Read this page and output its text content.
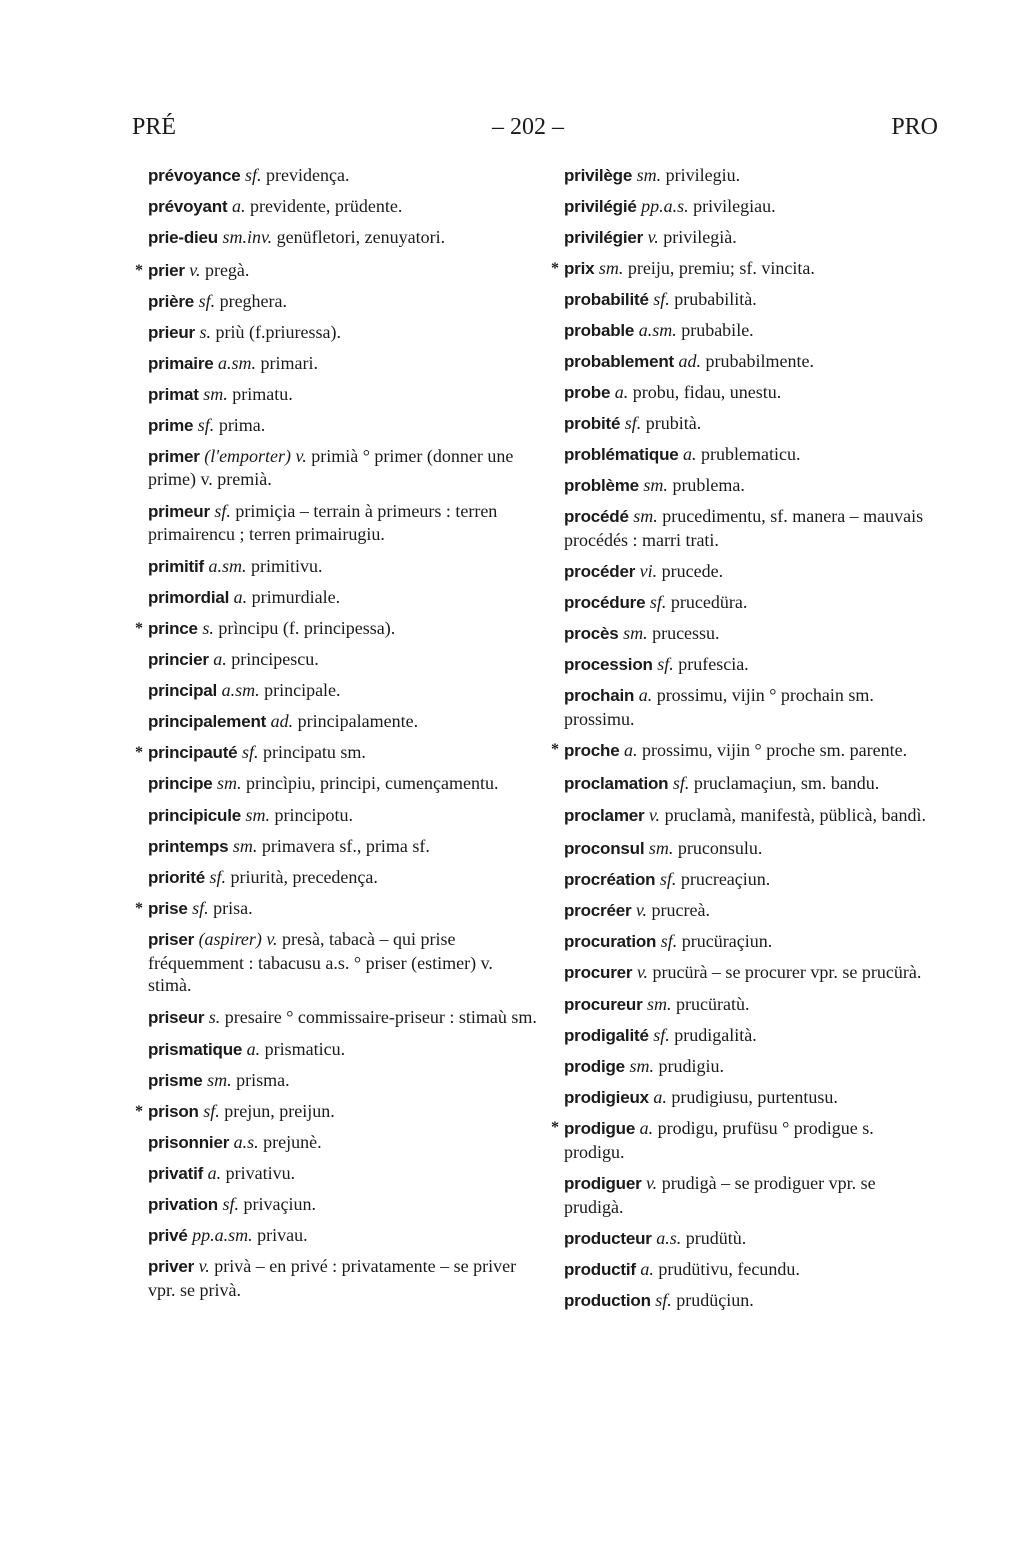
PRÉ	– 202 –	PRO

prévoyance sf. previdença.

prévoyant a. previdente, prüdente.

prie-dieu sm.inv. genüfletori, zenuyatori.

* prier v. pregà.

prière sf. preghera.

prieur s. priù (f.priuressa).

primaire a.sm. primari.

primat sm. primatu.

prime sf. prima.

primer (l'emporter) v. primià ° primer (donner une prime) v. premià.

primeur sf. primiçia – terrain à primeurs : terren primairencu ; terren primairugiu.

primitif a.sm. primitivu.

primordial a. primurdiale.

* prince s. prìncipu (f. principessa).

princier a. principescu.

principal a.sm. principale.

principalement ad. principalamente.

* principauté sf. principatu sm.

principe sm. princìpiu, principi, cumençamentu.

principicule sm. principotu.

printemps sm. primavera sf., prima sf.

priorité sf. priurità, precedença.

* prise sf. prisa.

priser (aspirer) v. presà, tabacà – qui prise fréquemment : tabacusu a.s. ° priser (estimer) v. stimà.

priseur s. presaire ° commissaire-priseur : stimaù sm.

prismatique a. prismaticu.

prisme sm. prisma.

* prison sf. prejun, preijun.

prisonnier a.s. prejunè.

privatif a. privativu.

privation sf. privaçiun.

privé pp.a.sm. privau.

priver v. privà – en privé : privatamente – se priver vpr. se privà.

privilège sm. privilegiu.

privilégié pp.a.s. privilegiau.

privilégier v. privilegià.

* prix sm. preiju, premiu; sf. vincita.

probabilité sf. prubabilità.

probable a.sm. prubabile.

probablement ad. prubabilmente.

probe a. probu, fidau, unestu.

probité sf. prubità.

problématique a. prublematicu.

problème sm. prublema.

procédé sm. prucedimentu, sf. manera – mauvais procédés : marri trati.

procéder vi. prucede.

procédure sf. prucedüra.

procès sm. prucessu.

procession sf. prufescia.

prochain a. prossimu, vijin ° prochain sm. prossimu.

* proche a. prossimu, vijin ° proche sm. parente.

proclamation sf. pruclamaçiun, sm. bandu.

proclamer v. pruclamà, manifestà, püblicà, bandì.

proconsul sm. pruconsulu.

procréation sf. prucreaçiun.

procréer v. prucreà.

procuration sf. prucüraçiun.

procurer v. prucürà – se procurer vpr. se prucürà.

procureur sm. prucüratù.

prodigalité sf. prudigalità.

prodige sm. prudigiu.

prodigieux a. prudigiusu, purtentusu.

* prodigue a. prodigu, prufüsu ° prodigue s. prodigu.

prodiguer v. prudigà – se prodiguer vpr. se prudigà.

producteur a.s. prudütù.

productif a. prudütivu, fecundu.

production sf. prudüçiun.
